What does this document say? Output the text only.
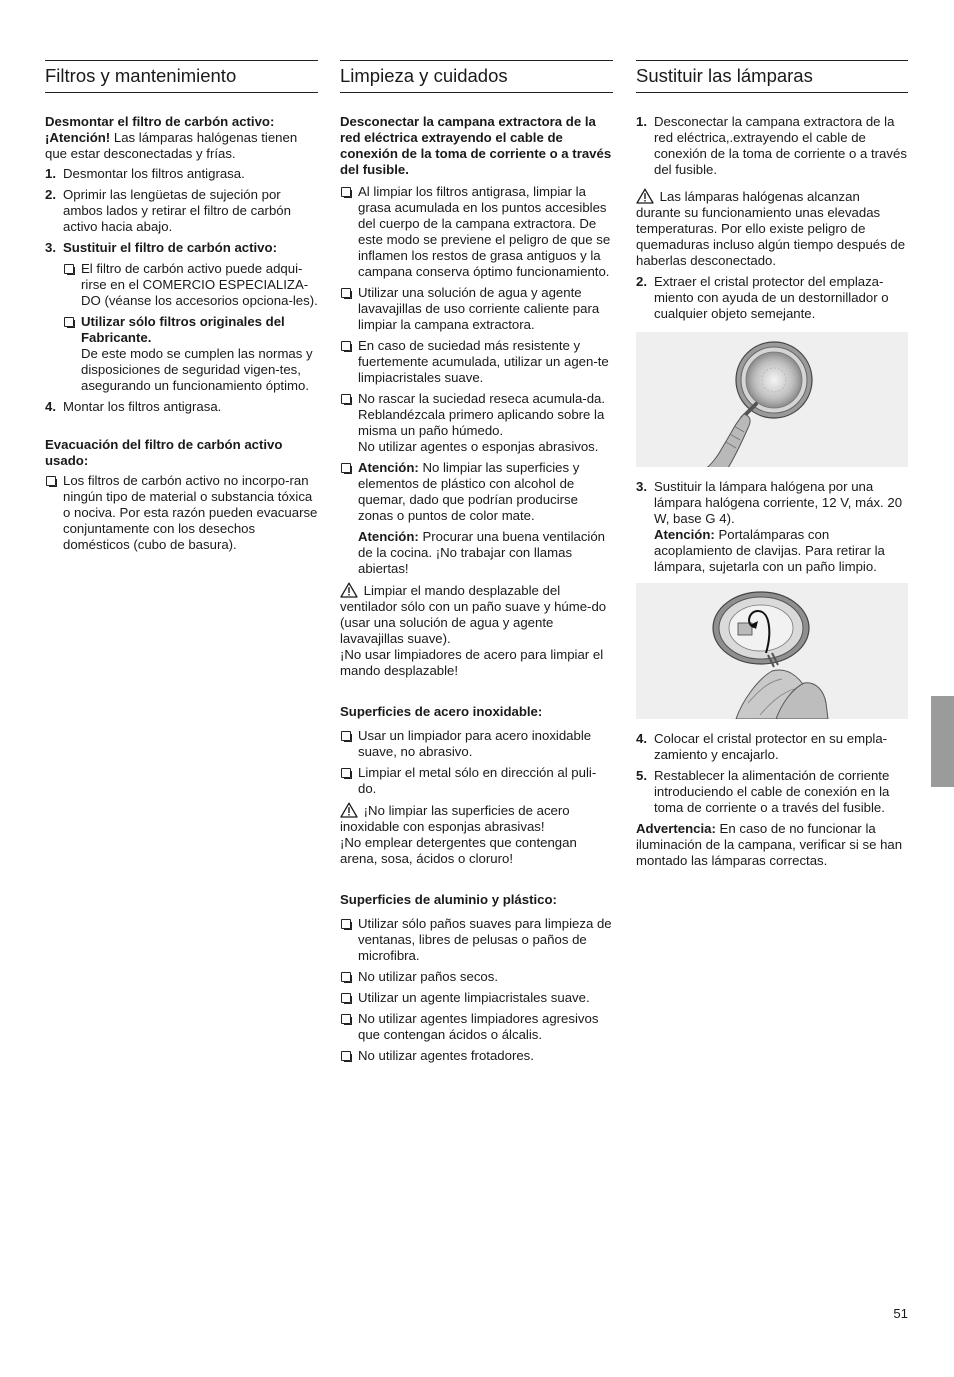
Filtros y mantenimiento

Desmontar el filtro de carbón activo:

¡Atención! Las lámparas halógenas tienen que estar desconectadas y frías.

1. Desmontar los filtros antigrasa.
2. Oprimir las lengüetas de sujeción por ambos lados y retirar el filtro de carbón activo hacia abajo.
3. Sustituir el filtro de carbón activo:
El filtro de carbón activo puede adqui-rirse en el COMERCIO ESPECIALIZA-DO (véanse los accesorios opciona-les).
Utilizar sólo filtros originales del Fabricante.
De este modo se cumplen las normas y disposiciones de seguridad vigen-tes, asegurando un funcionamiento óptimo.
4. Montar los filtros antigrasa.

Evacuación del filtro de carbón activo usado:

Los filtros de carbón activo no incorpo-ran ningún tipo de material o substancia tóxica o nociva. Por esta razón pueden evacuarse conjuntamente con los desechos domésticos (cubo de basura).
Limpieza y cuidados

Desconectar la campana extractora de la red eléctrica extrayendo el cable de conexión de la toma de corriente o a través del fusible.

Al limpiar los filtros antigrasa, limpiar la grasa acumulada en los puntos accesibles del cuerpo de la campana extractora. De este modo se previene el peligro de que se inflamen los restos de grasa antiguos y la campana conserva óptimo funcionamiento.
Utilizar una solución de agua y agente lavavajillas de uso corriente caliente para limpiar la campana extractora.
En caso de suciedad más resistente y fuertemente acumulada, utilizar un agen-te limpiacristales suave.
No rascar la suciedad reseca acumula-da. Reblandézcala primero aplicando sobre la misma un paño húmedo.
No utilizar agentes o esponjas abrasivos.
Atención: No limpiar las superficies y elementos de plástico con alcohol de quemar, dado que podrían producirse zonas o puntos de color mate.

Atención: Procurar una buena ventilación de la cocina. ¡No trabajar con llamas abiertas!

Limpiar el mando desplazable del ventilador sólo con un paño suave y húme-do (usar una solución de agua y agente lavavajillas suave).
¡No usar limpiadores de acero para limpiar el mando desplazable!

Superficies de acero inoxidable:

Usar un limpiador para acero inoxidable suave, no abrasivo.
Limpiar el metal sólo en dirección al puli-do.

¡No limpiar las superficies de acero inoxidable con esponjas abrasivas!
¡No emplear detergentes que contengan arena, sosa, ácidos o cloruro!

Superficies de aluminio y plástico:

Utilizar sólo paños suaves para limpieza de ventanas, libres de pelusas o paños de microfibra.
No utilizar paños secos.
Utilizar un agente limpiacristales suave.
No utilizar agentes limpiadores agresivos que contengan ácidos o álcalis.
No utilizar agentes frotadores.
Sustituir las lámparas
1. Desconectar la campana extractora de la red eléctrica,.extrayendo el cable de conexión de la toma de corriente o a través del fusible.

Las lámparas halógenas alcanzan durante su funcionamiento unas elevadas temperaturas. Por ello existe peligro de quemaduras incluso algún tiempo después de haberlas desconectado.

2. Extraer el cristal protector del emplaza-miento con ayuda de un destornillador o cualquier objeto semejante.
3. Sustituir la lámpara halógena por una lámpara halógena corriente, 12 V, máx. 20 W, base G 4).
Atención: Portalámparas con acoplamiento de clavijas. Para retirar la lámpara, sujetarla con un paño limpio.
4. Colocar el cristal protector en su empla-zamiento y encajarlo.
5. Restablecer la alimentación de corriente introduciendo el cable de conexión en la toma de corriente o a través del fusible.

Advertencia: En caso de no funcionar la iluminación de la campana, verificar si se han montado las lámparas correctas.

51
